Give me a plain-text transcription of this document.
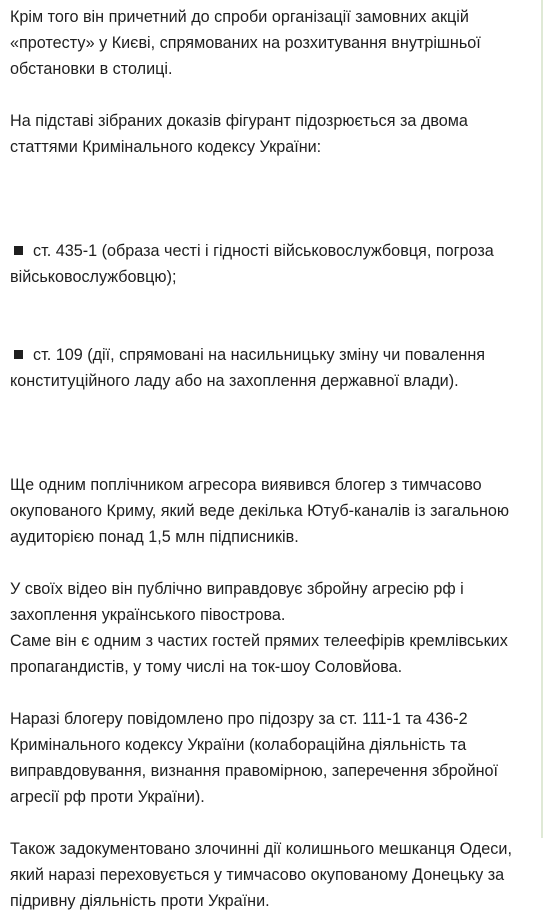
Крім того він причетний до спроби організації замовних акцій «протесту» у Києві, спрямованих на розхитування внутрішньої обстановки в столиці.

На підставі зібраних доказів фігурант підозрюється за двома статтями Кримінального кодексу України:

ст. 435-1 (образа честі і гідності військовослужбовця, погроза військовослужбовцю);

ст. 109 (дії, спрямовані на насильницьку зміну чи повалення конституційного ладу або на захоплення державної влади).

Ще одним поплічником агресора виявився блогер з тимчасово окупованого Криму, який веде декілька Ютуб-каналів із загальною аудиторією понад 1,5 млн підписників.

У своїх відео він публічно виправдовує збройну агресію рф і захоплення українського півострова.
Саме він є одним з частих гостей прямих телеефірів кремлівських пропагандистів, у тому числі на ток-шоу Соловйова.

Наразі блогеру повідомлено про підозру за ст. 111-1 та 436-2 Кримінального кодексу України (колабораційна діяльність та виправдовування, визнання правомірною, заперечення збройної агресії рф проти України).

Також задокументовано злочинні дії колишнього мешканця Одеси, який наразі переховується у тимчасово окупованому Донецьку за підривну діяльність проти України.
